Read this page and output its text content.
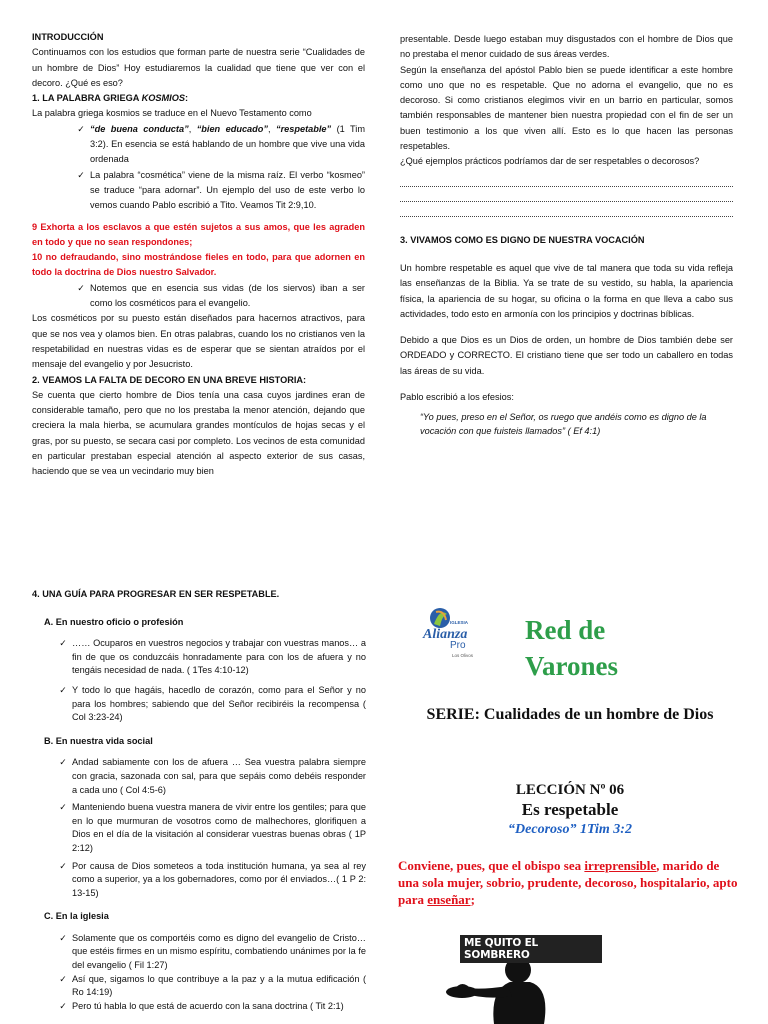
INTRODUCCIÓN

Continuamos con los estudios que forman parte de nuestra serie “Cualidades de un hombre de Dios” Hoy estudiaremos la cualidad que tiene que ver con el decoro. ¿Qué es eso?

1. LA PALABRA GRIEGA KOSMIOS:

La palabra griega kosmios se traduce en el Nuevo Testamento como

✓ “de buena conducta”, “bien educado”, “respetable” (1 Tim 3:2). En esencia se está hablando de un hombre que vive una vida ordenada
✓ La palabra “cosmética” viene de la misma raíz. El verbo “kosmeo” se traduce “para adornar”. Un ejemplo del uso de este verbo lo vemos cuando Pablo escribió a Tito. Veamos Tit 2:9,10.

9 Exhorta a los esclavos a que estén sujetos a sus amos, que les agraden en todo y que no sean respondones;

10 no defraudando, sino mostrándose fieles en todo, para que adornen en todo la doctrina de Dios nuestro Salvador.

✓ Notemos que en esencia sus vidas (de los siervos) iban a ser como los cosméticos para el evangelio.

Los cosméticos por su puesto están diseñados para hacernos atractivos, para que se nos vea y olamos bien. En otras palabras, cuando los no cristianos ven la respetabilidad en nuestras vidas es de esperar que se sientan atraídos por el mensaje del evangelio y por Jesucristo.

2. VEAMOS LA FALTA DE DECORO EN UNA BREVE HISTORIA:

Se cuenta que cierto hombre de Dios tenía una casa cuyos jardines eran de considerable tamaño, pero que no los prestaba la menor atención, dejando que creciera la mala hierba, se acumulara grandes montículos de hojas secas y el gras, por su puesto, se secara casi por completo. Los vecinos de esta comunidad en particular prestaban especial atención al aspecto exterior de sus casas, haciendo que se vea un vecindario muy bien

presentable. Desde luego estaban muy disgustados con el hombre de Dios que no prestaba el menor cuidado de sus áreas verdes.

Según la enseñanza del apóstol Pablo bien se puede identificar a este hombre como uno que no es respetable. Que no adorna el evangelio, que no es decoroso. Si como cristianos elegimos vivir en un barrio en particular, somos también responsables de mantener bien nuestra propiedad con el fin de ser un buen testimonio a los que viven allí. Esto es lo que hacen las personas respetables.

¿Qué ejemplos prácticos podríamos dar de ser respetables o decorosos?

3. VIVAMOS COMO ES DIGNO DE NUESTRA VOCACIÓN

Un hombre respetable es aquel que vive de tal manera que toda su vida refleja las enseñanzas de la Biblia. Ya se trate de su vestido, su habla, la apariencia física, la apariencia de su hogar, su oficina o la forma en que lleva a cabo sus actividades, todo esto en armonía con los principios y doctrinas bíblicas.

Debido a que Dios es un Dios de orden, un hombre de Dios también debe ser ORDEADO y CORRECTO. El cristiano tiene que ser todo un caballero en todas las áreas de su vida.

Pablo escribió a los efesios:

“Yo pues, preso en el Señor, os ruego que andéis como es digno de la vocación con que fuisteis llamados” ( Ef 4:1)

4. UNA GUÍA PARA PROGRESAR EN SER RESPETABLE.

A. En nuestro oficio o profesión

✓ …… Ocuparos en vuestros negocios y trabajar con vuestras manos… a fin de que os conduzcáis honradamente para con los de afuera y no tengáis necesidad de nada. ( 1Tes 4:10-12)
✓ Y todo lo que hagáis, hacedlo de corazón, como para el Señor y no para los hombres; sabiendo que del Señor recibiréis la recompensa ( Col 3:23-24)

B. En nuestra vida social

✓ Andad sabiamente con los de afuera … Sea vuestra palabra siempre con gracia, sazonada con sal, para que sepáis como debéis responder a cada uno ( Col 4:5-6)
✓ Manteniendo buena vuestra manera de vivir entre los gentiles; para que en lo que murmuran de vosotros como de malhechores, glorifiquen a Dios en el día de la visitación al considerar vuestras buenas obras ( 1P 2:12)
✓ Por causa de Dios someteos a toda institución humana, ya sea al rey como a superior, ya a los gobernadores, como por él enviados…( 1 P 2: 13-15)

C. En la iglesia

✓ Solamente que os comportéis como es digno del evangelio de Cristo… que estéis firmes en un mismo espíritu, combatiendo unánimes por la fe del evangelio ( Fil 1:27)
✓ Así que, sigamos lo que contribuye a la paz y a la mutua edificación ( Ro 14:19)
✓ Pero tú habla lo que está de acuerdo con la sana doctrina ( Tit 2:1)
IGLESIA
Alianza
Pro
Los Olivos
Red de Varones
SERIE: Cualidades de un hombre de Dios
LECCIÓN Nº 06
Es respetable
“Decoroso” 1Tim 3:2
Conviene, pues, que el obispo sea irreprensible, marido de una sola mujer, sobrio, prudente, decoroso, hospitalario, apto para enseñar;
ME QUITO EL SOMBRERO
